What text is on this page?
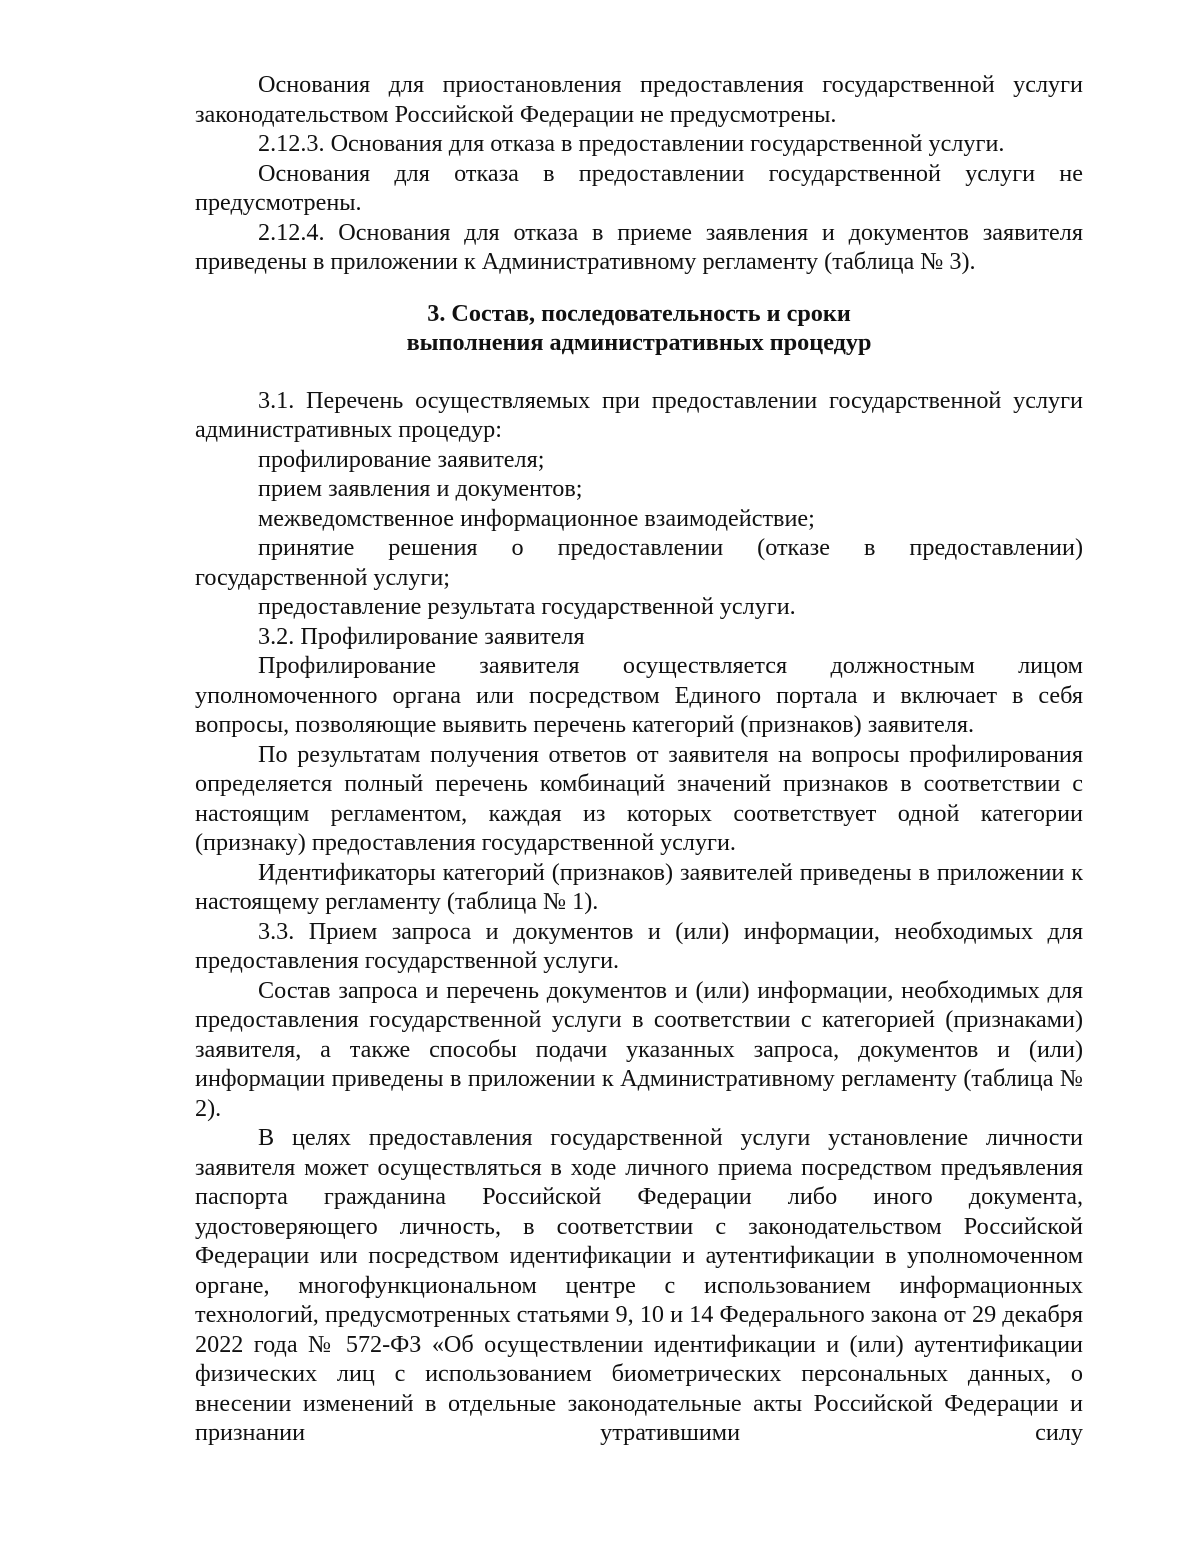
Основания для приостановления предоставления государственной услуги законодательством Российской Федерации не предусмотрены.

2.12.3. Основания для отказа в предоставлении государственной услуги.

Основания для отказа в предоставлении государственной услуги не предусмотрены.

2.12.4. Основания для отказа в приеме заявления и документов заявителя приведены в приложении к Административному регламенту (таблица № 3).

3. Состав, последовательность и сроки

выполнения административных процедур

3.1. Перечень осуществляемых при предоставлении государственной услуги административных процедур:

профилирование заявителя;

прием заявления и документов;

межведомственное информационное взаимодействие;

принятие решения о предоставлении (отказе в предоставлении) государственной услуги;

предоставление результата государственной услуги.

3.2. Профилирование заявителя

Профилирование заявителя осуществляется должностным лицом уполномоченного органа или посредством Единого портала и включает в себя вопросы, позволяющие выявить перечень категорий (признаков) заявителя.

По результатам получения ответов от заявителя на вопросы профилирования определяется полный перечень комбинаций значений признаков в соответствии с настоящим регламентом, каждая из которых соответствует одной категории (признаку) предоставления государственной услуги.

Идентификаторы категорий (признаков) заявителей приведены в приложении к настоящему регламенту (таблица № 1).

3.3. Прием запроса и документов и (или) информации, необходимых для предоставления государственной услуги.

Состав запроса и перечень документов и (или) информации, необходимых для предоставления государственной услуги в соответствии с категорией (признаками) заявителя, а также способы подачи указанных запроса, документов и (или) информации приведены в приложении к Административному регламенту (таблица № 2).

В целях предоставления государственной услуги установление личности заявителя может осуществляться в ходе личного приема посредством предъявления паспорта гражданина Российской Федерации либо иного документа, удостоверяющего личность, в соответствии с законодательством Российской Федерации или посредством идентификации и аутентификации в уполномоченном органе, многофункциональном центре с использованием информационных технологий, предусмотренных статьями 9, 10 и 14 Федерального закона от 29 декабря 2022 года № 572-ФЗ «Об осуществлении идентификации и (или) аутентификации физических лиц с использованием биометрических персональных данных, о внесении изменений в отдельные законодательные акты Российской Федерации и признании утратившими силу
